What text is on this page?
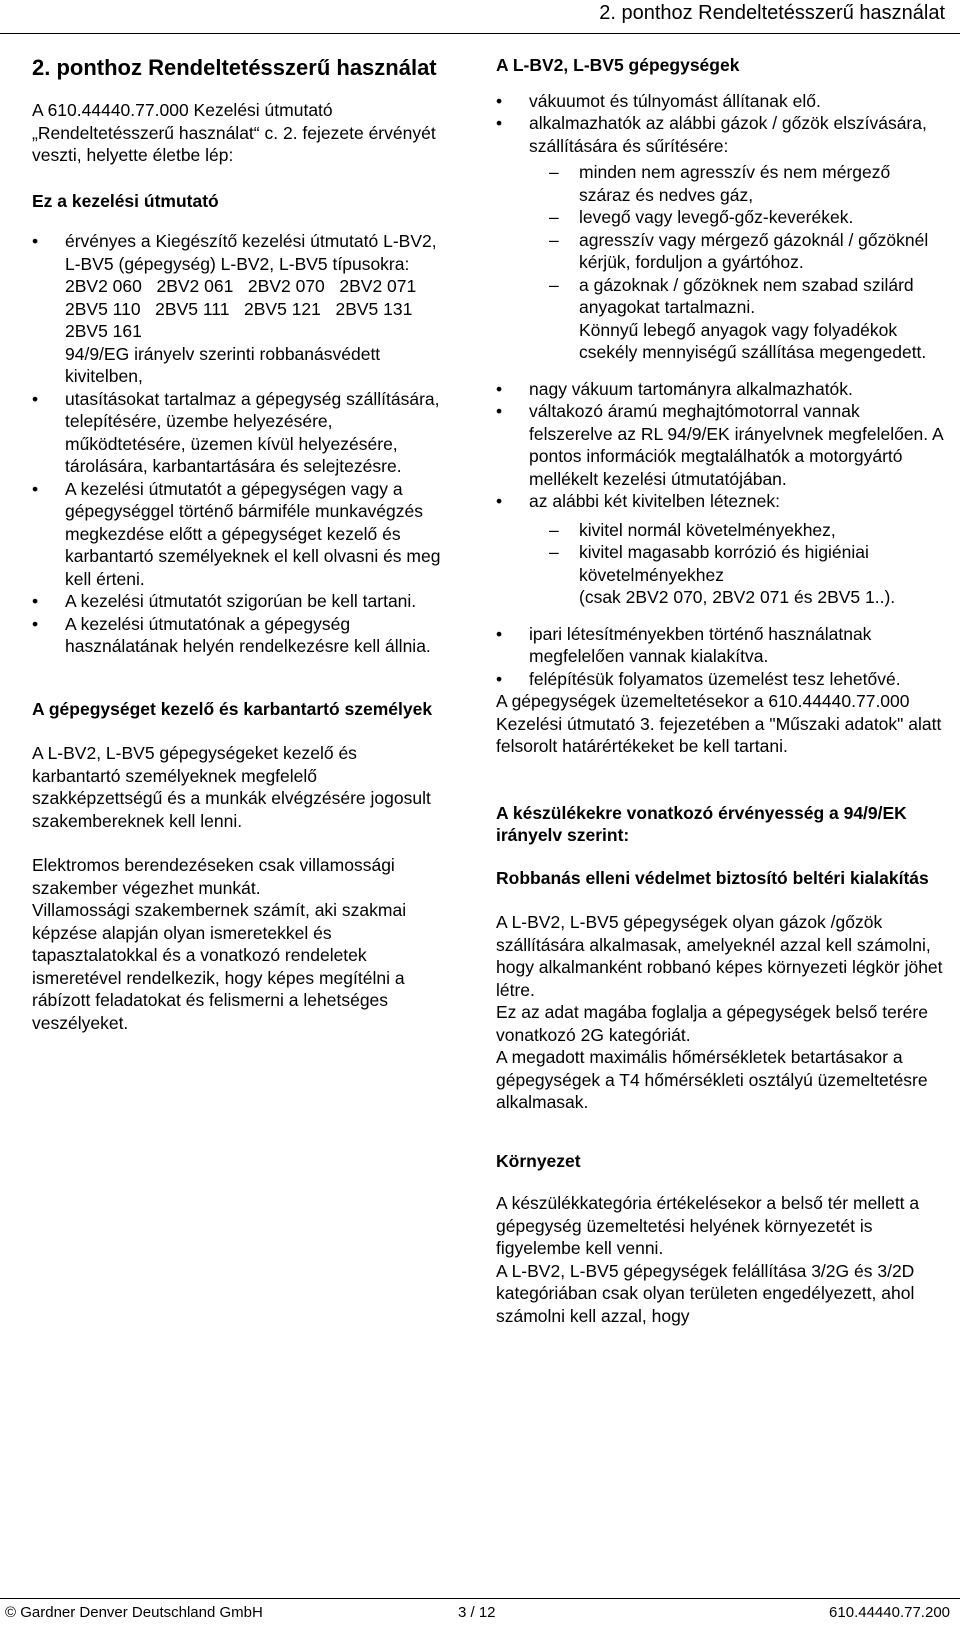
2. ponthoz Rendeltetésszerű használat
2. ponthoz Rendeltetésszerű használat

A 610.44440.77.000 Kezelési útmutató „Rendeltetésszerű használat“ c. 2. fejezete érvényét veszti, helyette életbe lép:

Ez a kezelési útmutató

• érvényes a Kiegészítő kezelési útmutató L-BV2, L-BV5 (gépegység) L-BV2, L-BV5 típusokra:
2BV2 060   2BV2 061   2BV2 070   2BV2 071
2BV5 110   2BV5 111   2BV5 121   2BV5 131
2BV5 161
94/9/EG irányelv szerinti robbanásvédett kivitelben,
• utasításokat tartalmaz a gépegység szállítására, telepítésére, üzembe helyezésére, működtetésére, üzemen kívül helyezésére, tárolására, karbantartására és selejtezésre.
• A kezelési útmutatót a gépegységen vagy a gépegységgel történő bármiféle munkavégzés megkezdése előtt a gépegységet kezelő és karbantartó személyeknek el kell olvasni és meg kell érteni.
• A kezelési útmutatót szigorúan be kell tartani.
• A kezelési útmutatónak a gépegység használatának helyén rendelkezésre kell állnia.

A gépegységet kezelő és karbantartó személyek

A L-BV2, L-BV5 gépegységeket kezelő és karbantartó személyeknek megfelelő szakképzettségű és a munkák elvégzésére jogosult szakembereknek kell lenni.

Elektromos berendezéseken csak villamossági szakember végezhet munkát.

Villamossági szakembernek számít, aki szakmai képzése alapján olyan ismeretekkel és tapasztalatokkal és a vonatkozó rendeletek ismeretével rendelkezik, hogy képes megítélni a rábízott feladatokat és felismerni a lehetséges veszélyeket.

A L-BV2, L-BV5 gépegységek

• vákuumot és túlnyomást állítanak elő.
• alkalmazhatók az alábbi gázok / gőzök elszívására, szállítására és sűrítésére:
– minden nem agresszív és nem mérgező száraz és nedves gáz,
– levegő vagy levegő-gőz-keverékek.
– agresszív vagy mérgező gázoknál / gőzöknél kérjük, forduljon a gyártóhoz.
– a gázoknak / gőzöknek nem szabad szilárd anyagokat tartalmazni.
Könnyű lebegő anyagok vagy folyadékok csekély mennyiségű szállítása megengedett.
• nagy vákuum tartományra alkalmazhatók.
• váltakozó áramú meghajtómotorral vannak felszerelve az RL 94/9/EK irányelvnek megfelelően. A pontos információk megtalálhatók a motorgyártó mellékelt kezelési útmutatójában.
• az alábbi két kivitelben léteznek:
– kivitel normál követelményekhez,
– kivitel magasabb korrózió és higiéniai követelményekhez
(csak 2BV2 070, 2BV2 071 és 2BV5 1..).
• ipari létesítményekben történő használatnak megfelelően vannak kialakítva.
• felépítésük folyamatos üzemelést tesz lehetővé.

A gépegységek üzemeltetésekor a 610.44440.77.000 Kezelési útmutató 3. fejezetében a "Műszaki adatok" alatt felsorolt határértékeket be kell tartani.

A készülékekre vonatkozó érvényesség a 94/9/EK irányelv szerint:

Robbanás elleni védelmet biztosító beltéri kialakítás

A L-BV2, L-BV5 gépegységek olyan gázok /gőzök szállítására alkalmasak, amelyeknél azzal kell számolni, hogy alkalmanként robbanó képes környezeti légkör jöhet létre.

Ez az adat magába foglalja a gépegységek belső terére vonatkozó 2G kategóriát.

A megadott maximális hőmérsékletek betartásakor a gépegységek a T4 hőmérsékleti osztályú üzemeltetésre alkalmasak.

Környezet

A készülékkategória értékelésekor a belső tér mellett a gépegység üzemeltetési helyének környezetét is figyelembe kell venni.

A L-BV2, L-BV5 gépegységek felállítása 3/2G és 3/2D kategóriában csak olyan területen engedélyezett, ahol számolni kell azzal, hogy

© Gardner Denver Deutschland GmbH	3 / 12	610.44440.77.200
